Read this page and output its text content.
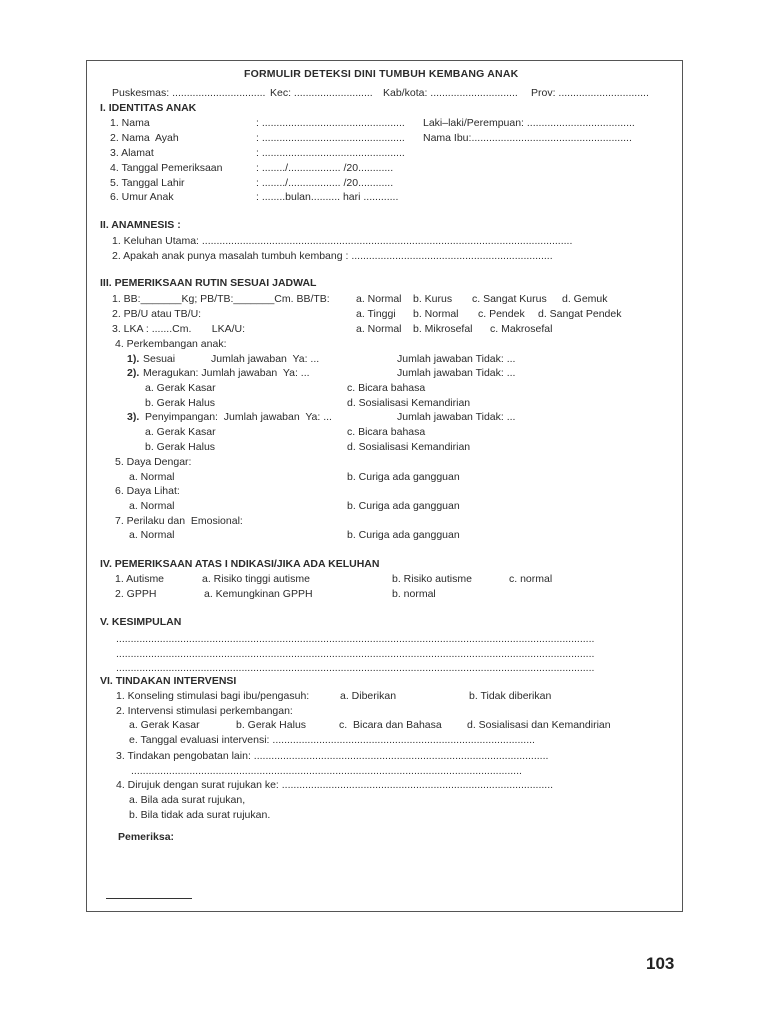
FORMULIR DETEKSI DINI TUMBUH KEMBANG ANAK
Puskesmas: ................................ Kec: ........................... Kab/kota: .............................. Prov: ...............................
I. IDENTITAS ANAK
1. Nama	: ................................................. Laki–laki/Perempuan: .....................................
2. Nama  Ayah	: ................................................. Nama Ibu:.......................................................
3. Alamat	: .................................................
4. Tanggal Pemeriksaan	: ......../.................. /20............
5. Tanggal Lahir	: ......../.................. /20............
6. Umur Anak	: ........bulan.......... hari ............
II. ANAMNESIS :
1. Keluhan Utama: ...............................................................................................................................
2. Apakah anak punya masalah tumbuh kembang : .....................................................................
III. PEMERIKSAAN RUTIN SESUAI JADWAL
1. BB:_______Kg; PB/TB:_______Cm. BB/TB:	a. Normal b. Kurus c. Sangat Kurus d. Gemuk
2. PB/U atau TB/U:	a. Tinggi b. Normal c. Pendek d. Sangat Pendek
3. LKA : .......Cm.       LKA/U:	a. Normal b. Mikrosefal c. Makrosefal
4. Perkembangan anak:
1). Sesuai	Jumlah jawaban  Ya: ...	Jumlah jawaban Tidak: ...
2). Meragukan: Jumlah jawaban  Ya: ...	Jumlah jawaban Tidak: ...
a. Gerak Kasar	c. Bicara bahasa
b. Gerak Halus	d. Sosialisasi Kemandirian
3). Penyimpangan:  Jumlah jawaban  Ya: ...	Jumlah jawaban Tidak: ...
a. Gerak Kasar	c. Bicara bahasa
b. Gerak Halus	d. Sosialisasi Kemandirian
5. Daya Dengar:
a. Normal	b. Curiga ada gangguan
6. Daya Lihat:
a. Normal	b. Curiga ada gangguan
7. Perilaku dan  Emosional:
a. Normal	b. Curiga ada gangguan
IV. PEMERIKSAAN ATAS I NDIKASI/JIKA ADA KELUHAN
1. Autisme	a. Risiko tinggi autisme	b. Risiko autisme	c. normal
2. GPPH	a. Kemungkinan GPPH	b. normal
V. KESIMPULAN
....................................................................................................................................................................
....................................................................................................................................................................
....................................................................................................................................................................
VI. TINDAKAN INTERVENSI
1. Konseling stimulasi bagi ibu/pengasuh:	a. Diberikan	b. Tidak diberikan
2. Intervensi stimulasi perkembangan:
a. Gerak Kasar	b. Gerak Halus	c.  Bicara dan Bahasa d. Sosialisasi dan Kemandirian
e. Tanggal evaluasi intervensi: ..........................................................................................
3. Tindakan pengobatan lain: .....................................................................................................
......................................................................................................................................
4. Dirujuk dengan surat rujukan ke: .............................................................................................
a. Bila ada surat rujukan,
b. Bila tidak ada surat rujukan.
Pemeriksa:
103
